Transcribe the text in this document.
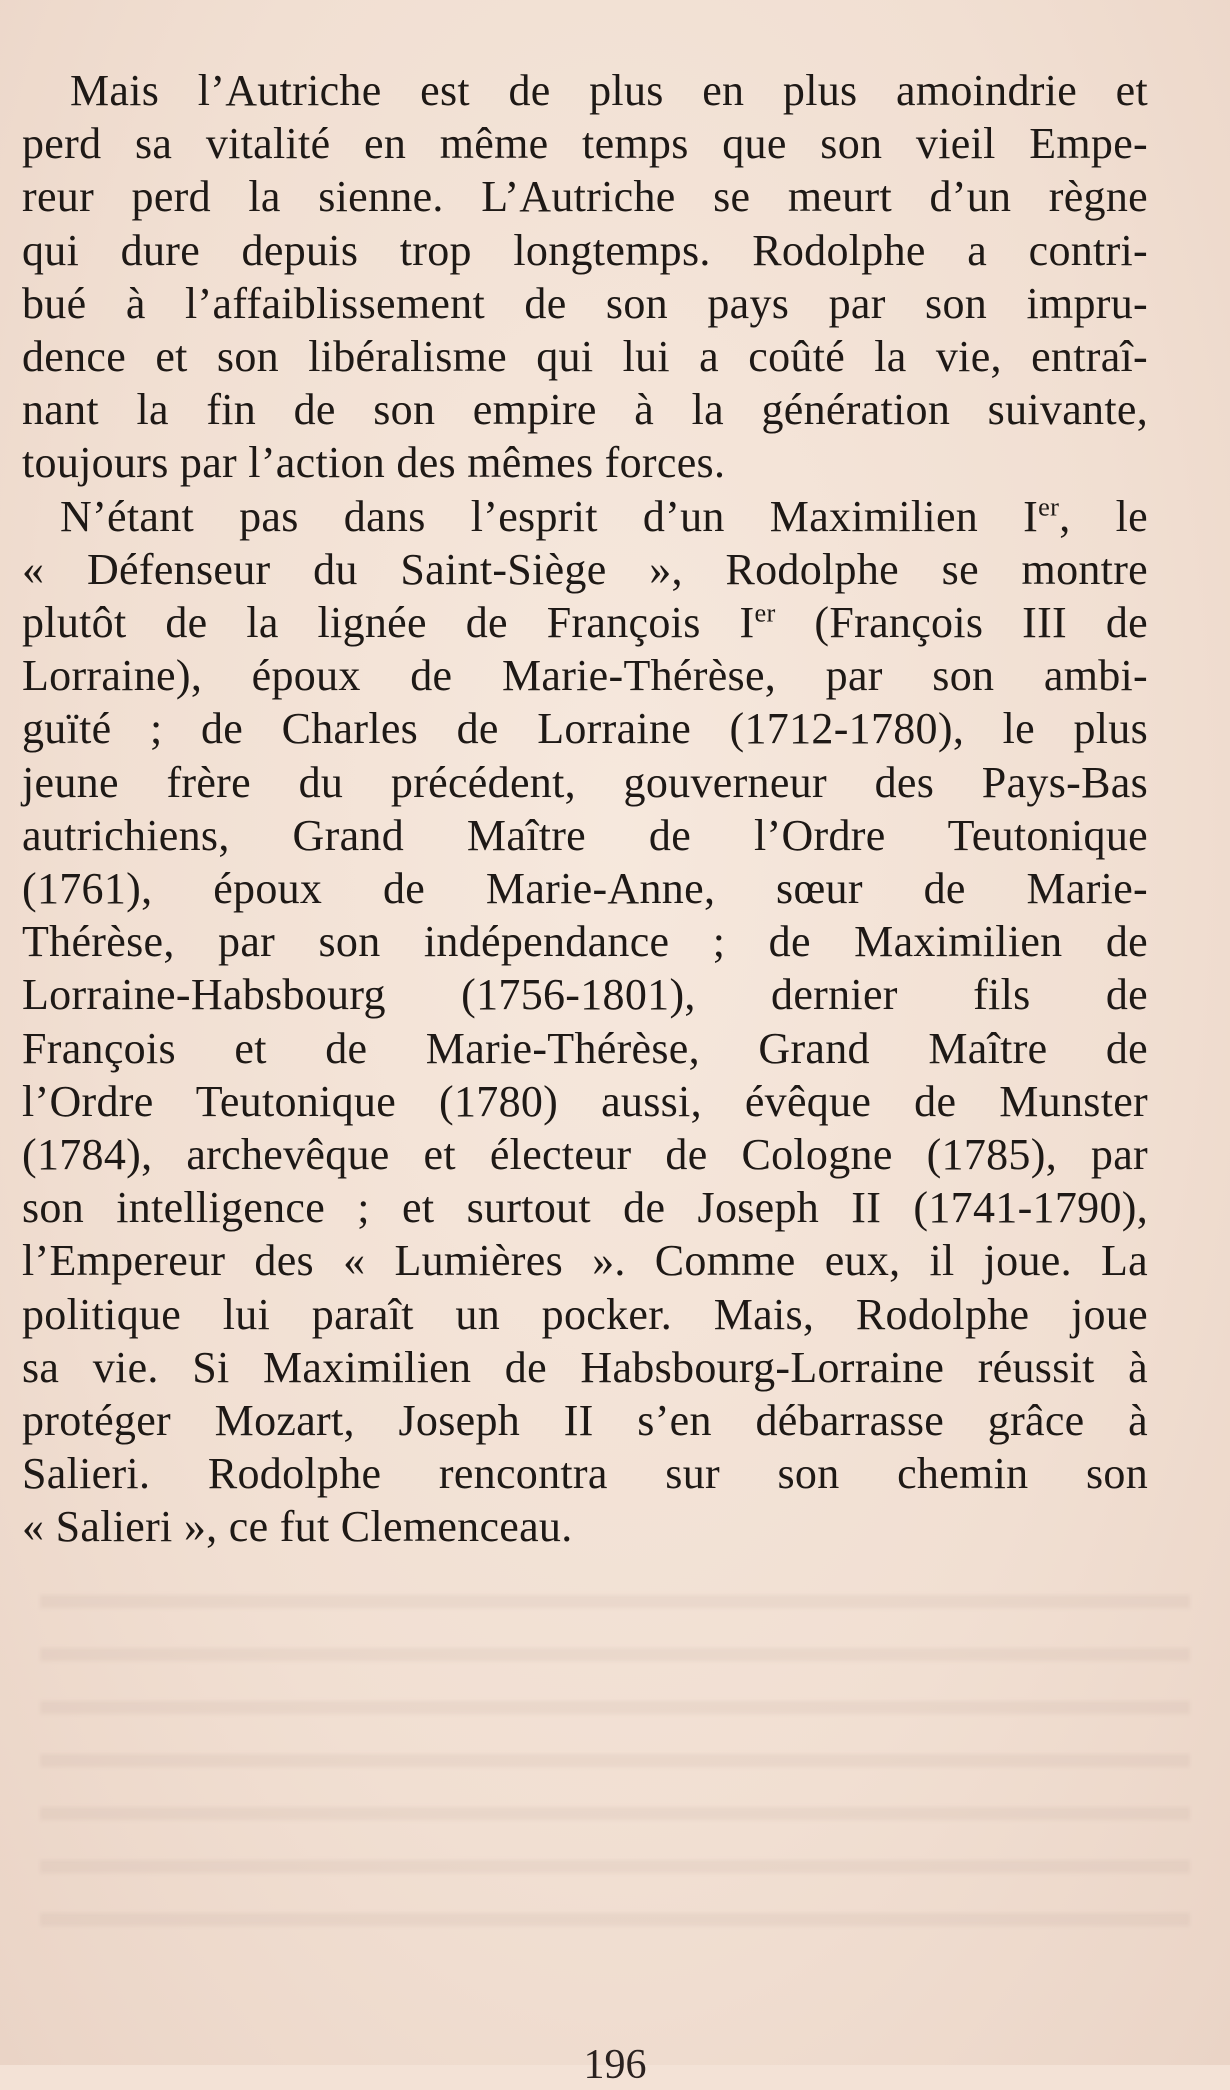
Mais l’Autriche est de plus en plus amoindrie et
perd sa vitalité en même temps que son vieil Empe-
reur perd la sienne. L’Autriche se meurt d’un règne
qui dure depuis trop longtemps. Rodolphe a contri-
bué à l’affaiblissement de son pays par son impru-
dence et son libéralisme qui lui a coûté la vie, entraî-
nant la fin de son empire à la génération suivante,
toujours par l’action des mêmes forces.

N’étant pas dans l’esprit d’un Maximilien Ier, le
« Défenseur du Saint-Siège », Rodolphe se montre
plutôt de la lignée de François Ier (François III de
Lorraine), époux de Marie-Thérèse, par son ambi-
guïté ; de Charles de Lorraine (1712-1780), le plus
jeune frère du précédent, gouverneur des Pays-Bas
autrichiens, Grand Maître de l’Ordre Teutonique
(1761), époux de Marie-Anne, sœur de Marie-
Thérèse, par son indépendance ; de Maximilien de
Lorraine-Habsbourg (1756-1801), dernier fils de
François et de Marie-Thérèse, Grand Maître de
l’Ordre Teutonique (1780) aussi, évêque de Munster
(1784), archevêque et électeur de Cologne (1785), par
son intelligence ; et surtout de Joseph II (1741-1790),
l’Empereur des « Lumières ». Comme eux, il joue. La
politique lui paraît un pocker. Mais, Rodolphe joue
sa vie. Si Maximilien de Habsbourg-Lorraine réussit à
protéger Mozart, Joseph II s’en débarrasse grâce à
Salieri. Rodolphe rencontra sur son chemin son
« Salieri », ce fut Clemenceau.

196
